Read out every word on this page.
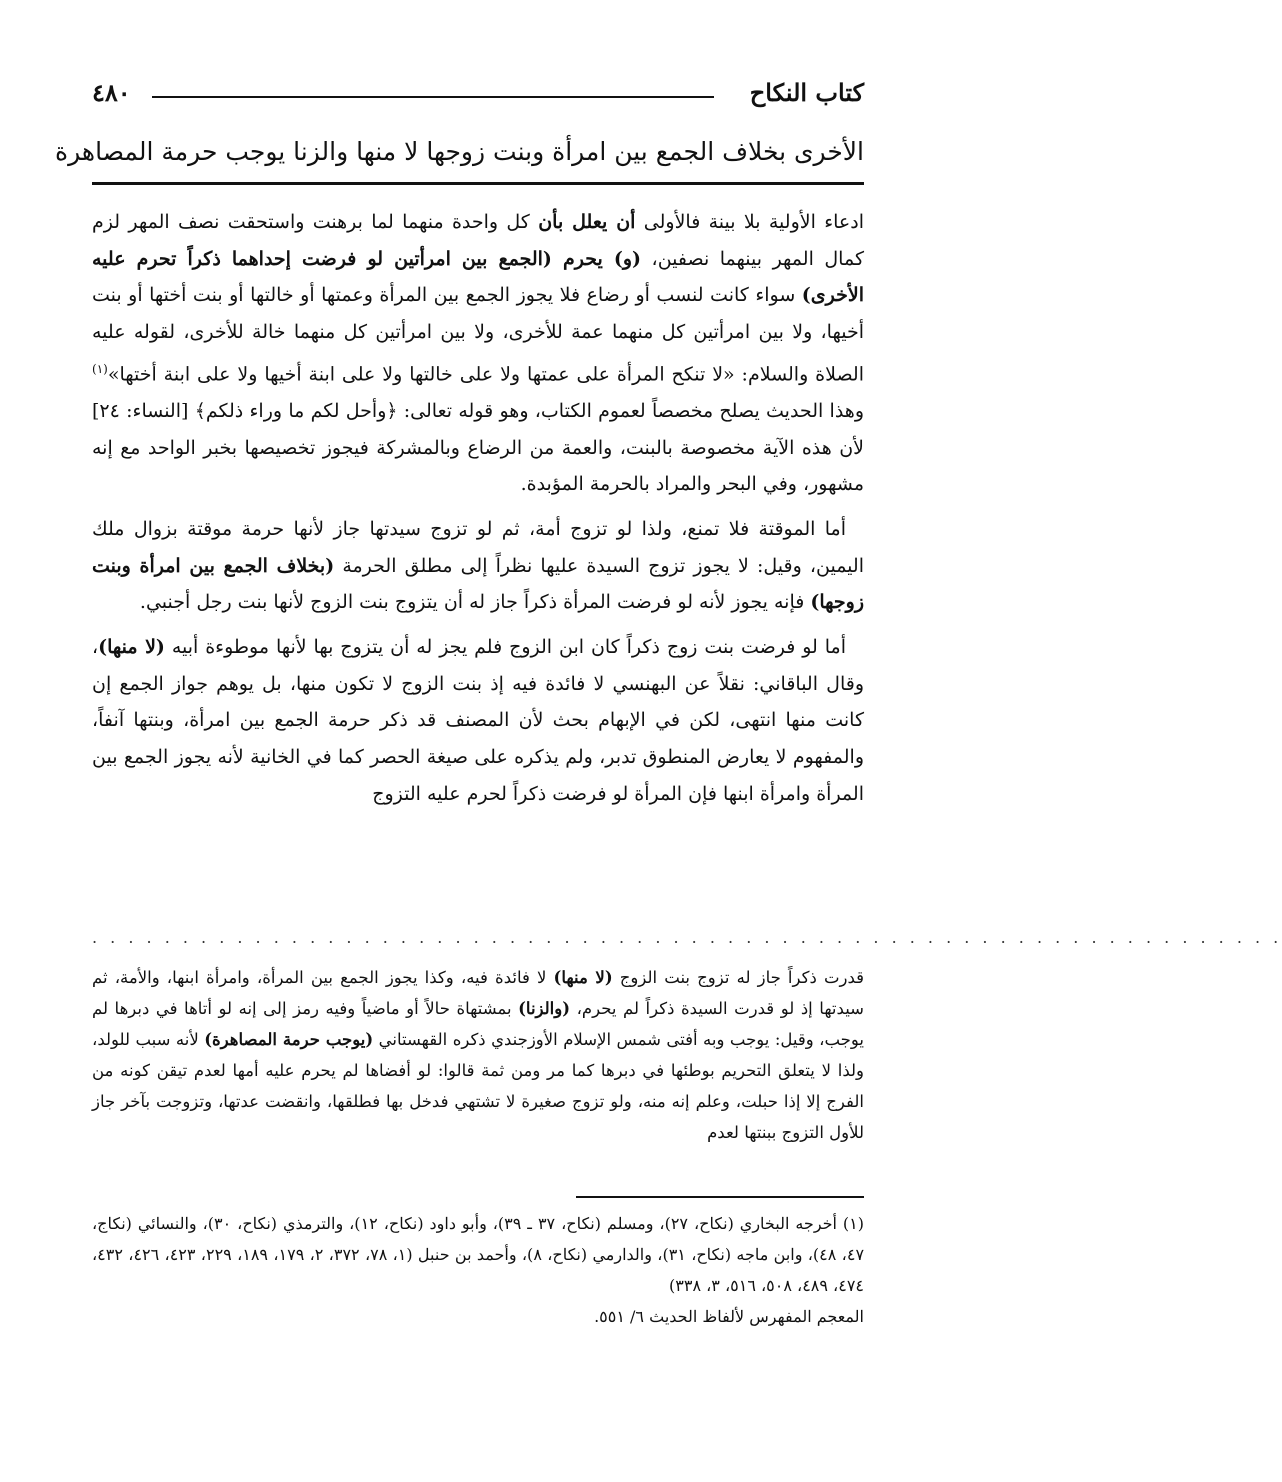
كتاب النكاح
٤٨٠
الأخرى بخلاف الجمع بين امرأة وبنت زوجها لا منها والزنا يوجب حرمة المصاهرة

ادعاء الأولية بلا بينة فالأولى أن يعلل بأن كل واحدة منهما لما برهنت واستحقت نصف المهر لزم كمال المهر بينهما نصفين، (و) يحرم (الجمع بين امرأتين لو فرضت إحداهما ذكراً تحرم عليه الأخرى) سواء كانت لنسب أو رضاع فلا يجوز الجمع بين المرأة وعمتها أو خالتها أو بنت أختها أو بنت أخيها، ولا بين امرأتين كل منهما عمة للأخرى، ولا بين امرأتين كل منهما خالة للأخرى، لقوله عليه الصلاة والسلام: «لا تنكح المرأة على عمتها ولا على خالتها ولا على ابنة أخيها ولا على ابنة أختها»$^{(١)}$ وهذا الحديث يصلح مخصصاً لعموم الكتاب، وهو قوله تعالى: ﴿وأحل لكم ما وراء ذلكم﴾ [النساء: ٢٤] لأن هذه الآية مخصوصة بالبنت، والعمة من الرضاع وبالمشركة فيجوز تخصيصها بخبر الواحد مع إنه مشهور، وفي البحر والمراد بالحرمة المؤبدة.

أما الموقتة فلا تمنع، ولذا لو تزوج أمة، ثم لو تزوج سيدتها جاز لأنها حرمة موقتة بزوال ملك اليمين، وقيل: لا يجوز تزوج السيدة عليها نظراً إلى مطلق الحرمة (بخلاف الجمع بين امرأة وبنت زوجها) فإنه يجوز لأنه لو فرضت المرأة ذكراً جاز له أن يتزوج بنت الزوج لأنها بنت رجل أجنبي.

أما لو فرضت بنت زوج ذكراً كان ابن الزوج فلم يجز له أن يتزوج بها لأنها موطوءة أبيه (لا منها)، وقال الباقاني: نقلاً عن البهنسي لا فائدة فيه إذ بنت الزوج لا تكون منها، بل يوهم جواز الجمع إن كانت منها انتهى، لكن في الإبهام بحث لأن المصنف قد ذكر حرمة الجمع بين امرأة، وبنتها آنفاً، والمفهوم لا يعارض المنطوق تدبر، ولم يذكره على صيغة الحصر كما في الخانية لأنه يجوز الجمع بين المرأة وامرأة ابنها فإن المرأة لو فرضت ذكراً لحرم عليه التزوج

. . . . . . . . . . . . . . . . . . . . . . . . . . . . . . . . . . . . . . . . . . . . . . . . . . . . . . . . . . . . . . . . . .

قدرت ذكراً جاز له تزوج بنت الزوج (لا منها) لا فائدة فيه، وكذا يجوز الجمع بين المرأة، وامرأة ابنها، والأمة، ثم سيدتها إذ لو قدرت السيدة ذكراً لم يحرم، (والزنا) بمشتهاة حالاً أو ماضياً وفيه رمز إلى إنه لو أتاها في دبرها لم يوجب، وقيل: يوجب وبه أفتى شمس الإسلام الأوزجندي ذكره القهستاني (يوجب حرمة المصاهرة) لأنه سبب للولد، ولذا لا يتعلق التحريم بوطئها في دبرها كما مر ومن ثمة قالوا: لو أفضاها لم يحرم عليه أمها لعدم تيقن كونه من الفرج إلا إذا حبلت، وعلم إنه منه، ولو تزوج صغيرة لا تشتهي فدخل بها فطلقها، وانقضت عدتها، وتزوجت بآخر جاز للأول التزوج ببنتها لعدم

(١) أخرجه البخاري (نكاح، ٢٧)، ومسلم (نكاح، ٣٧ ـ ٣٩)، وأبو داود (نكاح، ١٢)، والترمذي (نكاح، ٣٠)، والنسائي (نكاج، ٤٧، ٤٨)، وابن ماجه (نكاح، ٣١)، والدارمي (نكاح، ٨)، وأحمد بن حنبل (١، ٧٨، ٣٧٢، ٢، ١٧٩، ١٨٩، ٢٢٩، ٤٢٣، ٤٢٦، ٤٣٢، ٤٧٤، ٤٨٩، ٥٠٨، ٥١٦، ٣، ٣٣٨)

المعجم المفهرس لألفاظ الحديث ٦/ ٥٥١.
